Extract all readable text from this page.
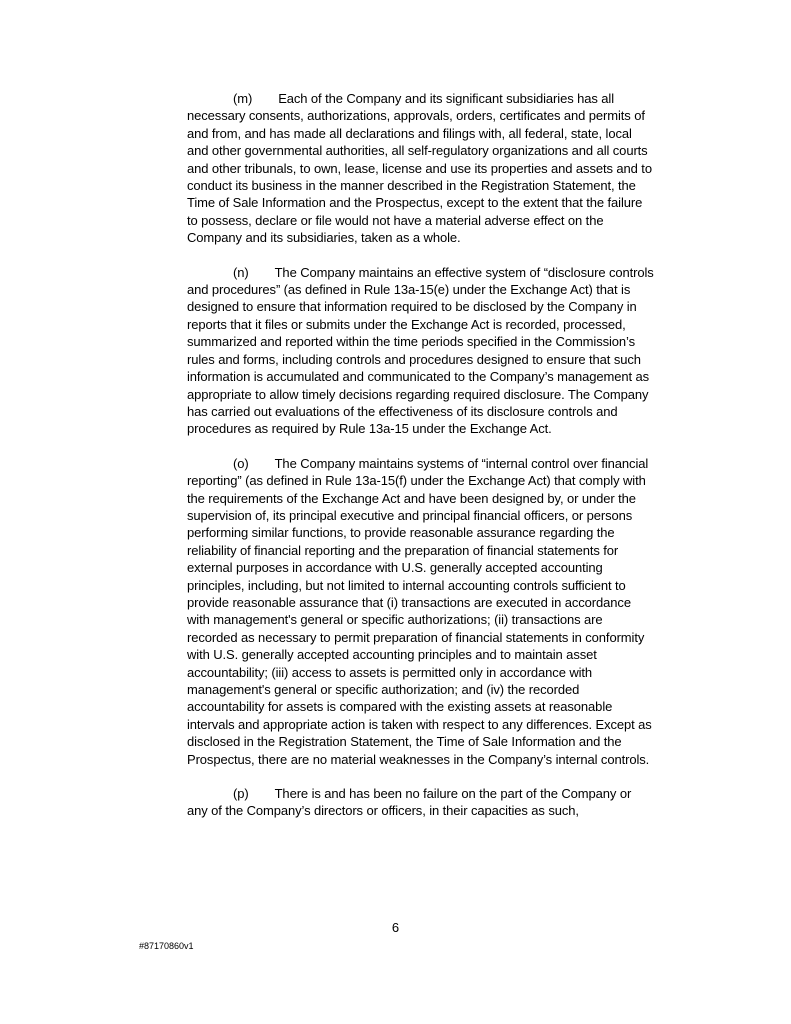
(m) Each of the Company and its significant subsidiaries has all necessary consents, authorizations, approvals, orders, certificates and permits of and from, and has made all declarations and filings with, all federal, state, local and other governmental authorities, all self-regulatory organizations and all courts and other tribunals, to own, lease, license and use its properties and assets and to conduct its business in the manner described in the Registration Statement, the Time of Sale Information and the Prospectus, except to the extent that the failure to possess, declare or file would not have a material adverse effect on the Company and its subsidiaries, taken as a whole.

(n) The Company maintains an effective system of “disclosure controls and procedures” (as defined in Rule 13a-15(e) under the Exchange Act) that is designed to ensure that information required to be disclosed by the Company in reports that it files or submits under the Exchange Act is recorded, processed, summarized and reported within the time periods specified in the Commission’s rules and forms, including controls and procedures designed to ensure that such information is accumulated and communicated to the Company’s management as appropriate to allow timely decisions regarding required disclosure. The Company has carried out evaluations of the effectiveness of its disclosure controls and procedures as required by Rule 13a-15 under the Exchange Act.

(o) The Company maintains systems of “internal control over financial reporting” (as defined in Rule 13a-15(f) under the Exchange Act) that comply with the requirements of the Exchange Act and have been designed by, or under the supervision of, its principal executive and principal financial officers, or persons performing similar functions, to provide reasonable assurance regarding the reliability of financial reporting and the preparation of financial statements for external purposes in accordance with U.S. generally accepted accounting principles, including, but not limited to internal accounting controls sufficient to provide reasonable assurance that (i) transactions are executed in accordance with management's general or specific authorizations; (ii) transactions are recorded as necessary to permit preparation of financial statements in conformity with U.S. generally accepted accounting principles and to maintain asset accountability; (iii) access to assets is permitted only in accordance with management's general or specific authorization; and (iv) the recorded accountability for assets is compared with the existing assets at reasonable intervals and appropriate action is taken with respect to any differences. Except as disclosed in the Registration Statement, the Time of Sale Information and the Prospectus, there are no material weaknesses in the Company’s internal controls.

(p) There is and has been no failure on the part of the Company or any of the Company’s directors or officers, in their capacities as such,

6
#87170860v1
